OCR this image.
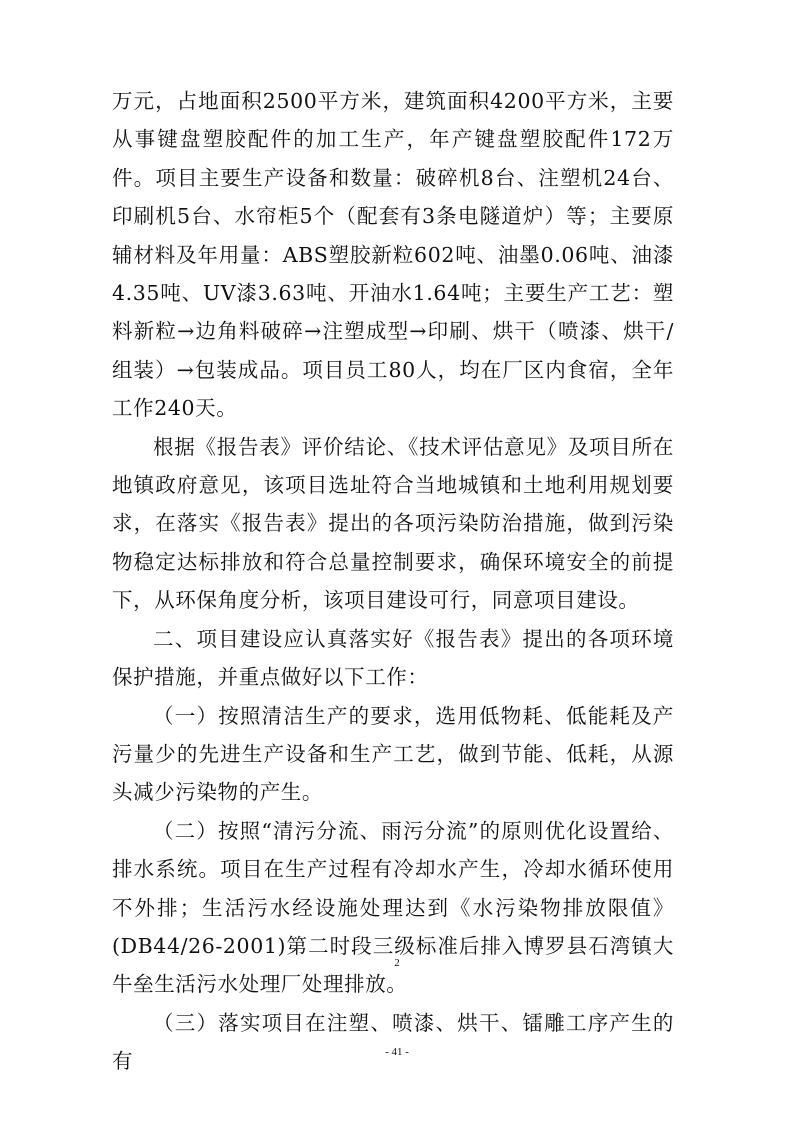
万元，占地面积2500平方米，建筑面积4200平方米，主要从事键盘塑胶配件的加工生产，年产键盘塑胶配件172万件。项目主要生产设备和数量：破碎机8台、注塑机24台、印刷机5台、水帘柜5个（配套有3条电隧道炉）等；主要原辅材料及年用量：ABS塑胶新粒602吨、油墨0.06吨、油漆4.35吨、UV漆3.63吨、开油水1.64吨；主要生产工艺：塑料新粒→边角料破碎→注塑成型→印刷、烘干（喷漆、烘干/组装）→包装成品。项目员工80人，均在厂区内食宿，全年工作240天。

根据《报告表》评价结论、《技术评估意见》及项目所在地镇政府意见，该项目选址符合当地城镇和土地利用规划要求，在落实《报告表》提出的各项污染防治措施，做到污染物稳定达标排放和符合总量控制要求，确保环境安全的前提下，从环保角度分析，该项目建设可行，同意项目建设。

二、项目建设应认真落实好《报告表》提出的各项环境保护措施，并重点做好以下工作：

（一）按照清洁生产的要求，选用低物耗、低能耗及产污量少的先进生产设备和生产工艺，做到节能、低耗，从源头减少污染物的产生。

（二）按照“清污分流、雨污分流”的原则优化设置给、排水系统。项目在生产过程有冷却水产生，冷却水循环使用不外排；生活污水经设施处理达到《水污染物排放限值》(DB44/26-2001)第二时段三级标准后排入博罗县石湾镇大牛垒生活污水处理厂处理排放。

（三）落实项目在注塑、喷漆、烘干、镭雕工序产生的有

2
- 41 -
